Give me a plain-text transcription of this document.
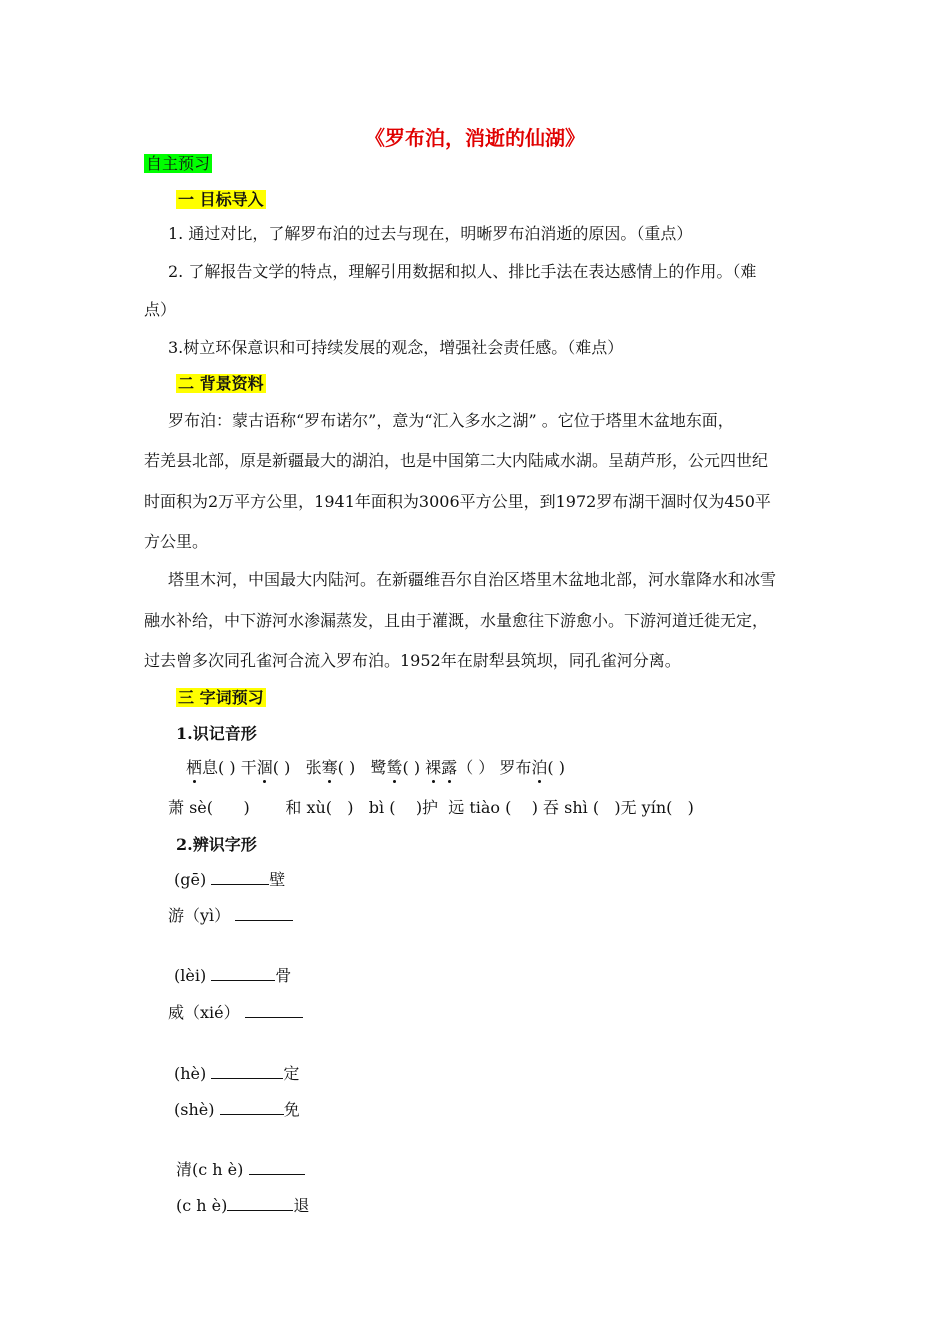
《罗布泊，消逝的仙湖》
自主预习
一 目标导入
1. 通过对比，了解罗布泊的过去与现在，明晰罗布泊消逝的原因。（重点）
2. 了解报告文学的特点，理解引用数据和拟人、排比手法在表达感情上的作用。（难
点）
3.树立环保意识和可持续发展的观念，增强社会责任感。（难点）
二 背景资料
罗布泊：蒙古语称“罗布诺尔”，意为“汇入多水之湖” 。它位于塔里木盆地东面，
若羌县北部，原是新疆最大的湖泊，也是中国第二大内陆咸水湖。呈葫芦形，公元四世纪
时面积为2万平方公里，1941年面积为3006平方公里，到1972罗布湖干涸时仅为450平
方公里。
塔里木河，中国最大内陆河。在新疆维吾尔自治区塔里木盆地北部，河水靠降水和冰雪
融水补给，中下游河水渗漏蒸发，且由于灌溉，水量愈往下游愈小。下游河道迁徙无定，
过去曾多次同孔雀河合流入罗布泊。1952年在尉犁县筑坝，同孔雀河分离。
三 字词预习
1.识记音形
栖息( ) 干涸( ) 张骞( ) 鹭鸶( ) 裸露（ ） 罗布泊( )
萧 sè(      )       和 xù(   )   bì (    )护  远 tiào (    ) 吞 shì (   )无 yín(   )
2.辨识字形
(gē)	壁
游（yì）
(lèi)	骨
威（xié）
(hè)	定
(shè)	免
清(c h è)
(c h è)	退
